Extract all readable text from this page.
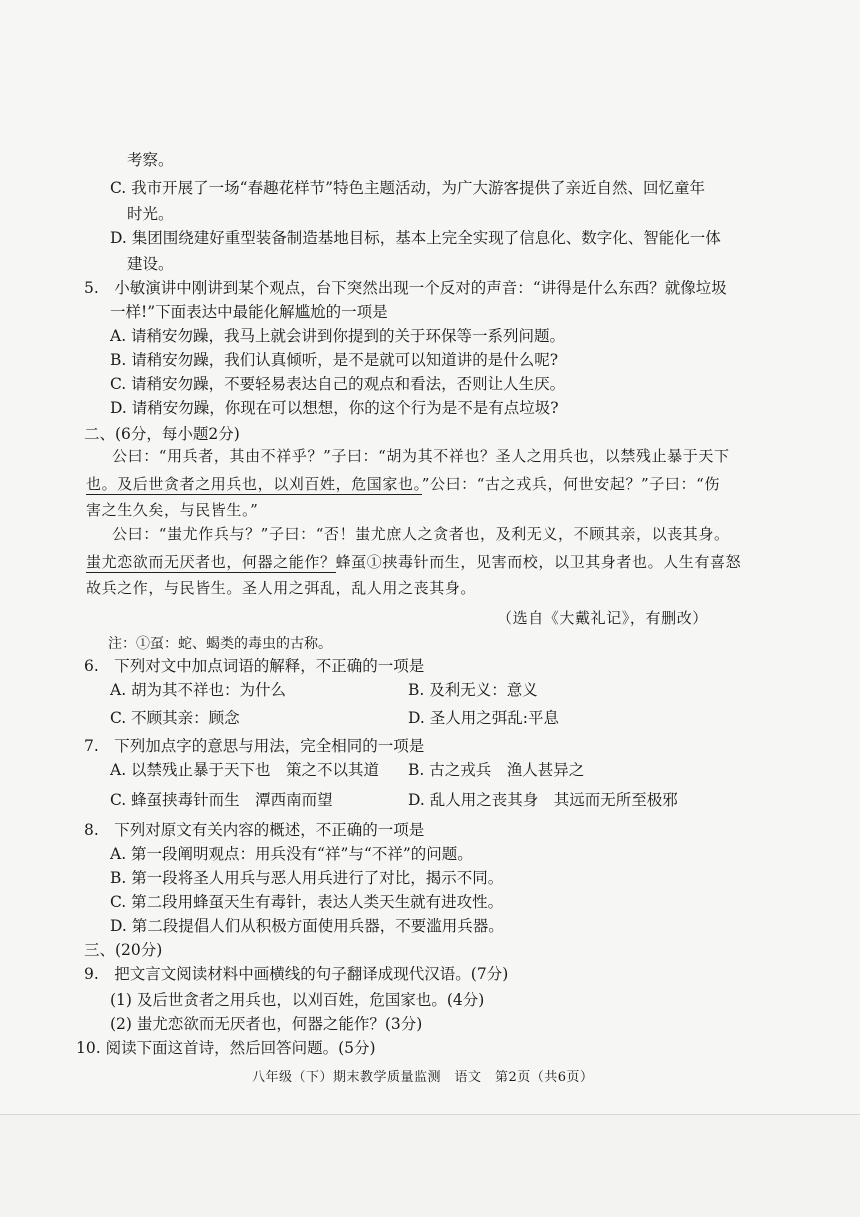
考察。
C. 我市开展了一场“春趣花样节”特色主题活动，为广大游客提供了亲近自然、回忆童年
时光。
D. 集团围绕建好重型装备制造基地目标，基本上完全实现了信息化、数字化、智能化一体
建设。
5.　小敏演讲中刚讲到某个观点，台下突然出现一个反对的声音：“讲得是什么东西？就像垃圾
一样!”下面表达中最能化解尴尬的一项是
A. 请稍安勿躁，我马上就会讲到你提到的关于环保等一系列问题。
B. 请稍安勿躁，我们认真倾听，是不是就可以知道讲的是什么呢?
C. 请稍安勿躁，不要轻易表达自己的观点和看法，否则让人生厌。
D. 请稍安勿躁，你现在可以想想，你的这个行为是不是有点垃圾?
二、(6分，每小题2分)
公曰：“用兵者，其由不祥乎？”子曰：“胡为其不祥也？圣人之用兵也，以禁残止暴于天下
也。及后世贪者之用兵也，以刈百姓，危国家也。”公曰：“古之戎兵，何世安起？”子曰：“伤
害之生久矣，与民皆生。”
公曰：“蚩尤作兵与？”子曰：“否！蚩尤庶人之贪者也，及利无义，不顾其亲，以丧其身。
蚩尤恋欲而无厌者也，何器之能作？蜂虿①挟毒针而生，见害而校，以卫其身者也。人生有喜怒
故兵之作，与民皆生。圣人用之弭乱，乱人用之丧其身。
（选自《大戴礼记》，有删改）
注：①虿：蛇、蝎类的毒虫的古称。
6.　下列对文中加点词语的解释，不正确的一项是
A. 胡为其不祥也：为什么	B. 及利无义：意义
C. 不顾其亲：顾念	D. 圣人用之弭乱:平息
7.　下列加点字的意思与用法，完全相同的一项是
A. 以禁残止暴于天下也　策之不以其道 B. 古之戎兵　渔人甚异之
C. 蜂虿挟毒针而生　潭西南而望	D. 乱人用之丧其身　其远而无所至极邪
8.　下列对原文有关内容的概述，不正确的一项是
A. 第一段阐明观点：用兵没有“祥”与“不祥”的问题。
B. 第一段将圣人用兵与恶人用兵进行了对比，揭示不同。
C. 第二段用蜂虿天生有毒针，表达人类天生就有进攻性。
D. 第二段提倡人们从积极方面使用兵器，不要滥用兵器。
三、(20分)
9.　把文言文阅读材料中画横线的句子翻译成现代汉语。(7分)
(1) 及后世贪者之用兵也，以刈百姓，危国家也。(4分)
(2) 蚩尤恋欲而无厌者也，何器之能作？(3分)
10. 阅读下面这首诗，然后回答问题。(5分)
八年级（下）期末教学质量监测　语文　第2页（共6页）
